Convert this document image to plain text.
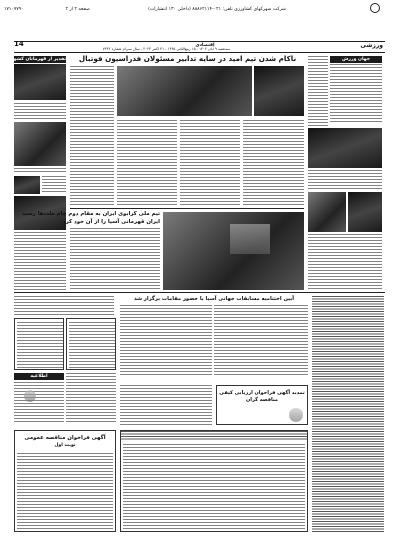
۱۷۱۰۷۷۹۰	شرکت شهرکهای کشاورزی تلفن: ۰۲۱-۸۸۸۶۲۱۱۴ (داخلی ۱۳۰ انتشارات)
صفحه ۲ از ۲
14	اقتصادی	ورزشی
سه‌شنبه ۹ آبان ۱۴۰۲ - ۱۵ ربیع‌الثانی ۱۴۴۵ - ۳۱ اکتبر ۲۰۲۳ - سال سی‌ام شماره ۷۴۴۲
تقدیر از قهرمانان کشوری	ناکام شدن تیم امید در سایه تدابیر مسئولان فدراسیون فوتبال	جهان ورزش
تیم ملی کرابوی ایران به مقام دوم جام ملت‌ها رسید
ایران قهرمانی آسیا را از آن خود کرد
آیین اختتامیه مسابقات جهانی آسیا با حضور مقامات برگزار شد
اطلاعیه
تمدید آگهی فراخوان ارزیابی کیفی مناقصه گران
آگهی فراخوان مناقصه عمومی
نوبت اول
